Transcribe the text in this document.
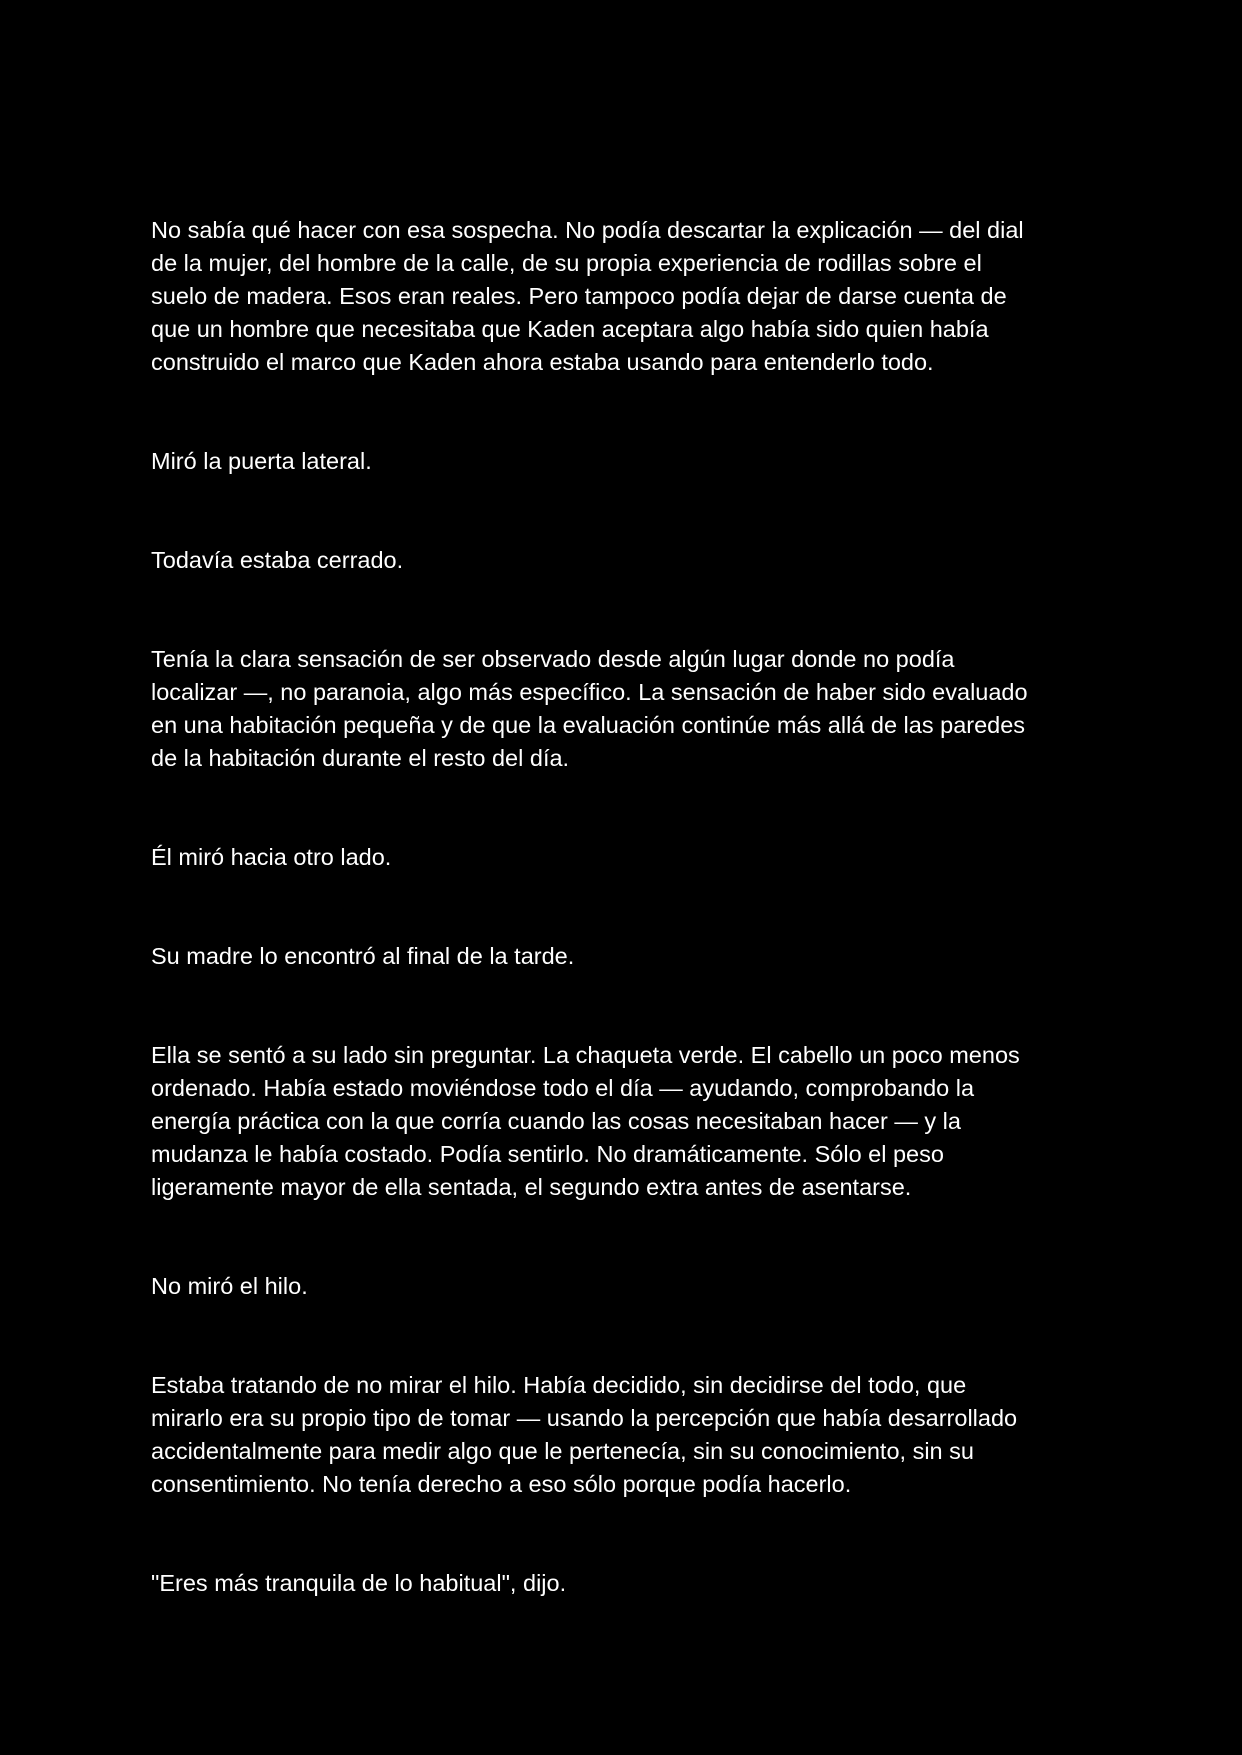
No sabía qué hacer con esa sospecha. No podía descartar la explicación — del dial
de la mujer, del hombre de la calle, de su propia experiencia de rodillas sobre el
suelo de madera. Esos eran reales. Pero tampoco podía dejar de darse cuenta de
que un hombre que necesitaba que Kaden aceptara algo había sido quien había
construido el marco que Kaden ahora estaba usando para entenderlo todo.

Miró la puerta lateral.

Todavía estaba cerrado.

Tenía la clara sensación de ser observado desde algún lugar donde no podía
localizar —, no paranoia, algo más específico. La sensación de haber sido evaluado
en una habitación pequeña y de que la evaluación continúe más allá de las paredes
de la habitación durante el resto del día.

Él miró hacia otro lado.

Su madre lo encontró al final de la tarde.

Ella se sentó a su lado sin preguntar. La chaqueta verde. El cabello un poco menos
ordenado. Había estado moviéndose todo el día — ayudando, comprobando la
energía práctica con la que corría cuando las cosas necesitaban hacer — y la
mudanza le había costado. Podía sentirlo. No dramáticamente. Sólo el peso
ligeramente mayor de ella sentada, el segundo extra antes de asentarse.

No miró el hilo.

Estaba tratando de no mirar el hilo. Había decidido, sin decidirse del todo, que
mirarlo era su propio tipo de tomar — usando la percepción que había desarrollado
accidentalmente para medir algo que le pertenecía, sin su conocimiento, sin su
consentimiento. No tenía derecho a eso sólo porque podía hacerlo.

"Eres más tranquila de lo habitual", dijo.
